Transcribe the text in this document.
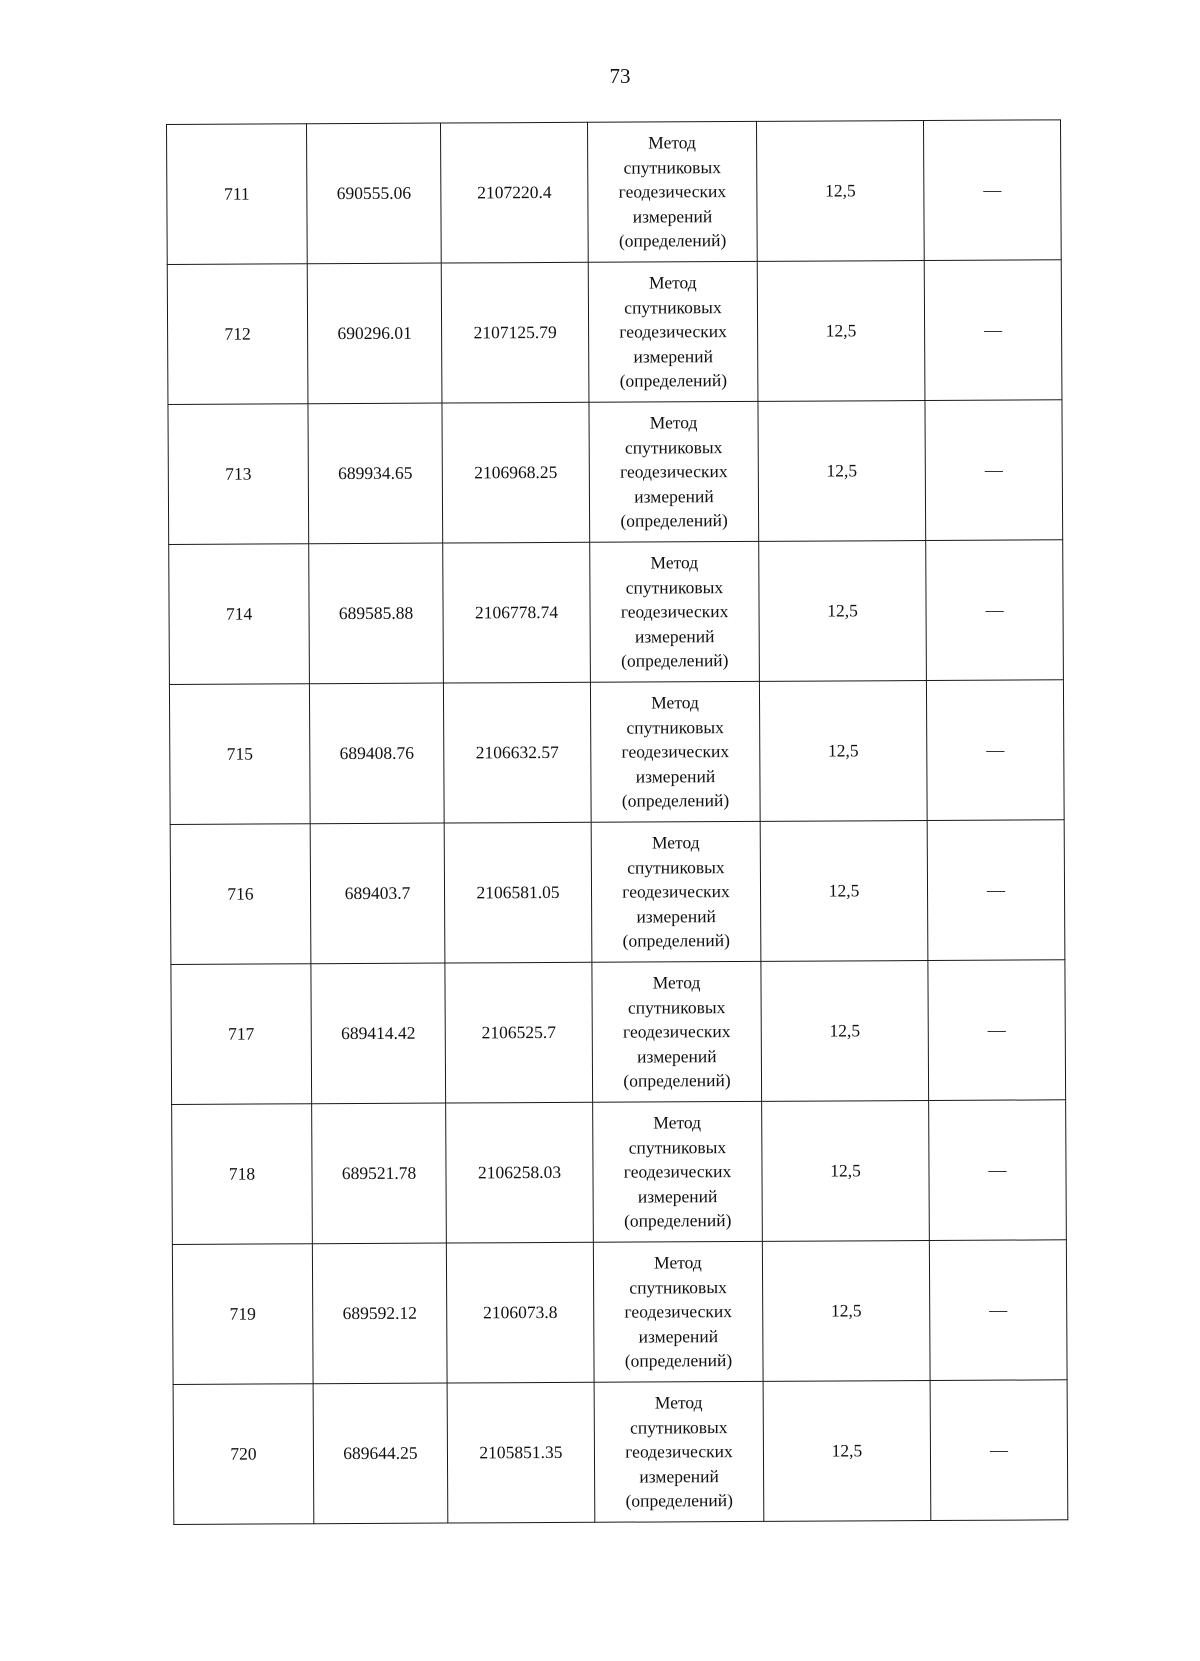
73
711	690555.06	2107220.4	Метод
спутниковых
геодезических
измерений
(определений)	12,5	—
712	690296.01	2107125.79	Метод
спутниковых
геодезических
измерений
(определений)	12,5	—
713	689934.65	2106968.25	Метод
спутниковых
геодезических
измерений
(определений)	12,5	—
714	689585.88	2106778.74	Метод
спутниковых
геодезических
измерений
(определений)	12,5	—
715	689408.76	2106632.57	Метод
спутниковых
геодезических
измерений
(определений)	12,5	—
716	689403.7	2106581.05	Метод
спутниковых
геодезических
измерений
(определений)	12,5	—
717	689414.42	2106525.7	Метод
спутниковых
геодезических
измерений
(определений)	12,5	—
718	689521.78	2106258.03	Метод
спутниковых
геодезических
измерений
(определений)	12,5	—
719	689592.12	2106073.8	Метод
спутниковых
геодезических
измерений
(определений)	12,5	—
720	689644.25	2105851.35	Метод
спутниковых
геодезических
измерений
(определений)	12,5	—
